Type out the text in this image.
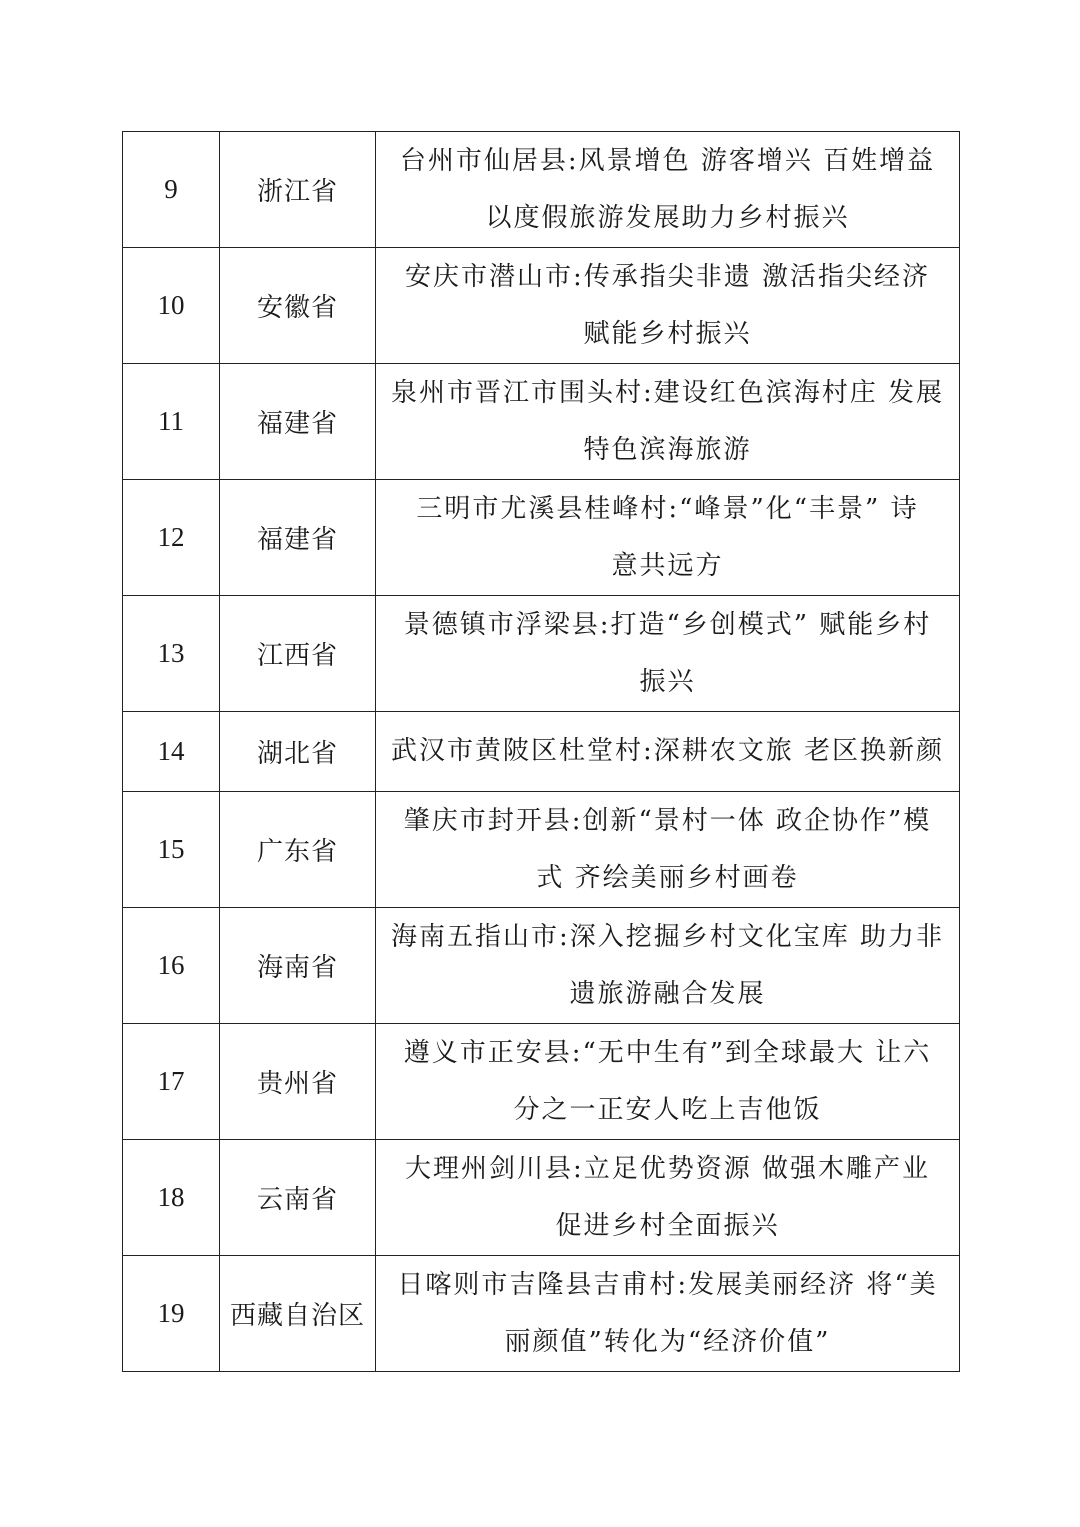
9	浙江省	台州市仙居县:风景增色 游客增兴 百姓增益
以度假旅游发展助力乡村振兴
10	安徽省	安庆市潜山市:传承指尖非遗 激活指尖经济
赋能乡村振兴
11	福建省	泉州市晋江市围头村:建设红色滨海村庄 发展
特色滨海旅游
12	福建省	三明市尤溪县桂峰村:“峰景”化“丰景” 诗
意共远方
13	江西省	景德镇市浮梁县:打造“乡创模式” 赋能乡村
振兴
14	湖北省	武汉市黄陂区杜堂村:深耕农文旅 老区换新颜
15	广东省	肇庆市封开县:创新“景村一体 政企协作”模
式 齐绘美丽乡村画卷
16	海南省	海南五指山市:深入挖掘乡村文化宝库 助力非
遗旅游融合发展
17	贵州省	遵义市正安县:“无中生有”到全球最大 让六
分之一正安人吃上吉他饭
18	云南省	大理州剑川县:立足优势资源 做强木雕产业
促进乡村全面振兴
19	西藏自治区	日喀则市吉隆县吉甫村:发展美丽经济 将“美
丽颜值”转化为“经济价值”
